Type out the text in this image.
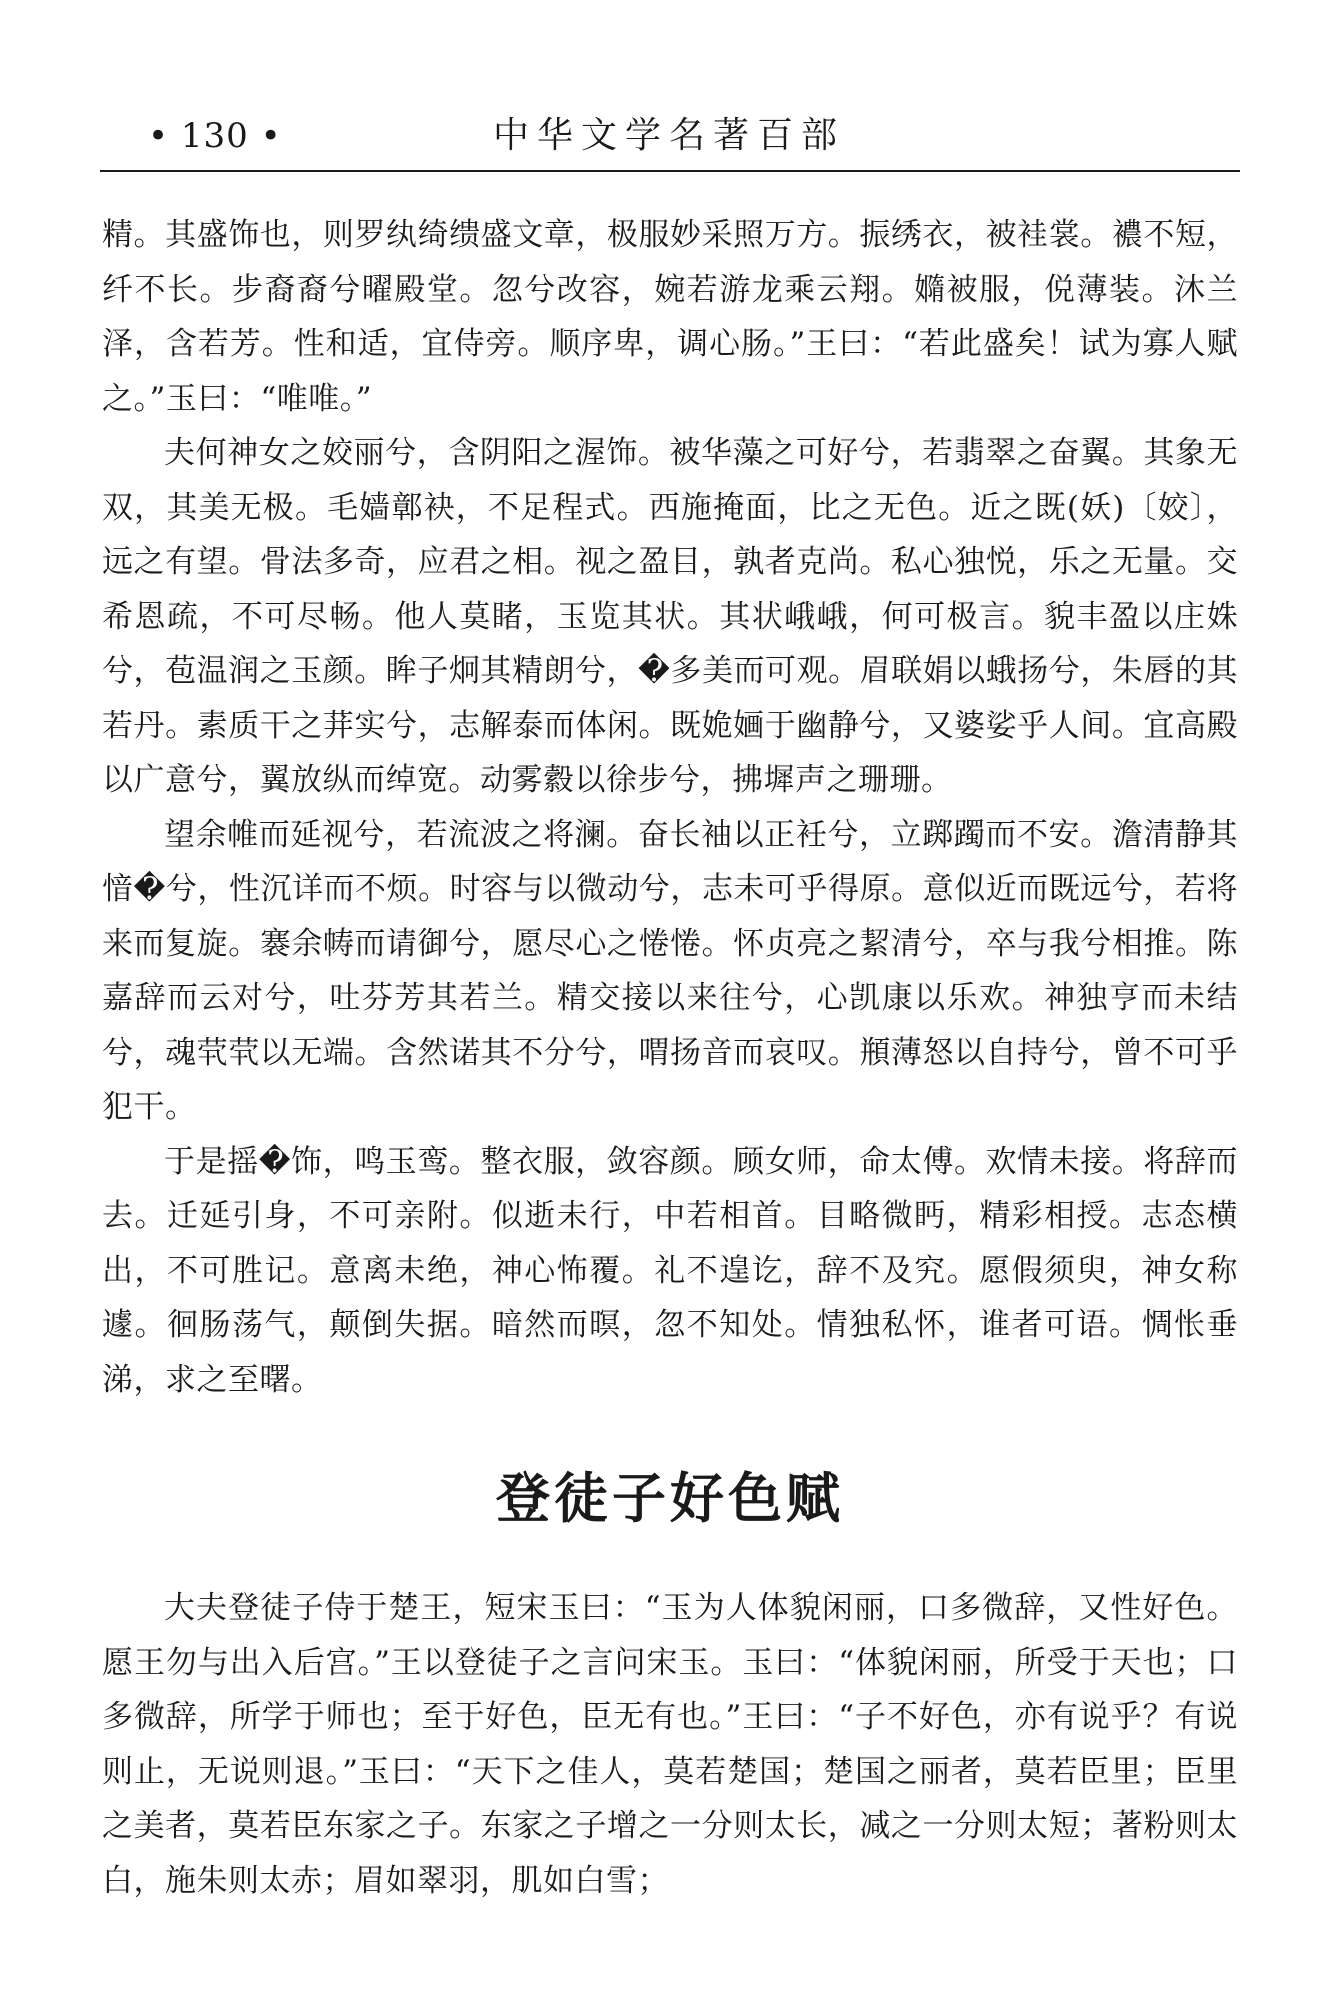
• 130 •	中华文学名著百部

精。其盛饰也，则罗纨绮缋盛文章，极服妙采照万方。振绣衣，被袿裳。襛不短，纤不长。步裔裔兮曜殿堂。忽兮改容，婉若游龙乘云翔。嫷被服，侻薄装。沐兰泽，含若芳。性和适，宜侍旁。顺序卑，调心肠。”王曰：“若此盛矣！试为寡人赋之。”玉曰：“唯唯。”

夫何神女之姣丽兮，含阴阳之渥饰。被华藻之可好兮，若翡翠之奋翼。其象无双，其美无极。毛嫱鄣袂，不足程式。西施掩面，比之无色。近之既(妖)〔姣〕，远之有望。骨法多奇，应君之相。视之盈目，孰者克尚。私心独悦，乐之无量。交希恩疏，不可尽畅。他人莫睹，玉览其状。其状峨峨，何可极言。貌丰盈以庄姝兮，苞温润之玉颜。眸子炯其精朗兮，�多美而可观。眉联娟以蛾扬兮，朱唇的其若丹。素质干之荓实兮，志解泰而体闲。既姽婳于幽静兮，又婆娑乎人间。宜高殿以广意兮，翼放纵而绰宽。动雾縠以徐步兮，拂墀声之珊珊。

望余帷而延视兮，若流波之将澜。奋长袖以正衽兮，立踯躅而不安。澹清静其愔�兮，性沉详而不烦。时容与以微动兮，志未可乎得原。意似近而既远兮，若将来而复旋。褰余帱而请御兮，愿尽心之惓惓。怀贞亮之絜清兮，卒与我兮相推。陈嘉辞而云对兮，吐芬芳其若兰。精交接以来往兮，心凯康以乐欢。神独亨而未结兮，魂茕茕以无端。含然诺其不分兮，喟扬音而哀叹。頩薄怒以自持兮，曾不可乎犯干。

于是摇�饰，鸣玉鸾。整衣服，敛容颜。顾女师，命太傅。欢情未接。将辞而去。迁延引身，不可亲附。似逝未行，中若相首。目略微眄，精彩相授。志态横出，不可胜记。意离未绝，神心怖覆。礼不遑讫，辞不及究。愿假须臾，神女称遽。徊肠荡气，颠倒失据。暗然而暝，忽不知处。情独私怀，谁者可语。惆怅垂涕，求之至曙。

登徒子好色赋

大夫登徒子侍于楚王，短宋玉曰：“玉为人体貌闲丽，口多微辞，又性好色。愿王勿与出入后宫。”王以登徒子之言问宋玉。玉曰：“体貌闲丽，所受于天也；口多微辞，所学于师也；至于好色，臣无有也。”王曰：“子不好色，亦有说乎？有说则止，无说则退。”玉曰：“天下之佳人，莫若楚国；楚国之丽者，莫若臣里；臣里之美者，莫若臣东家之子。东家之子增之一分则太长，减之一分则太短；著粉则太白，施朱则太赤；眉如翠羽，肌如白雪；
